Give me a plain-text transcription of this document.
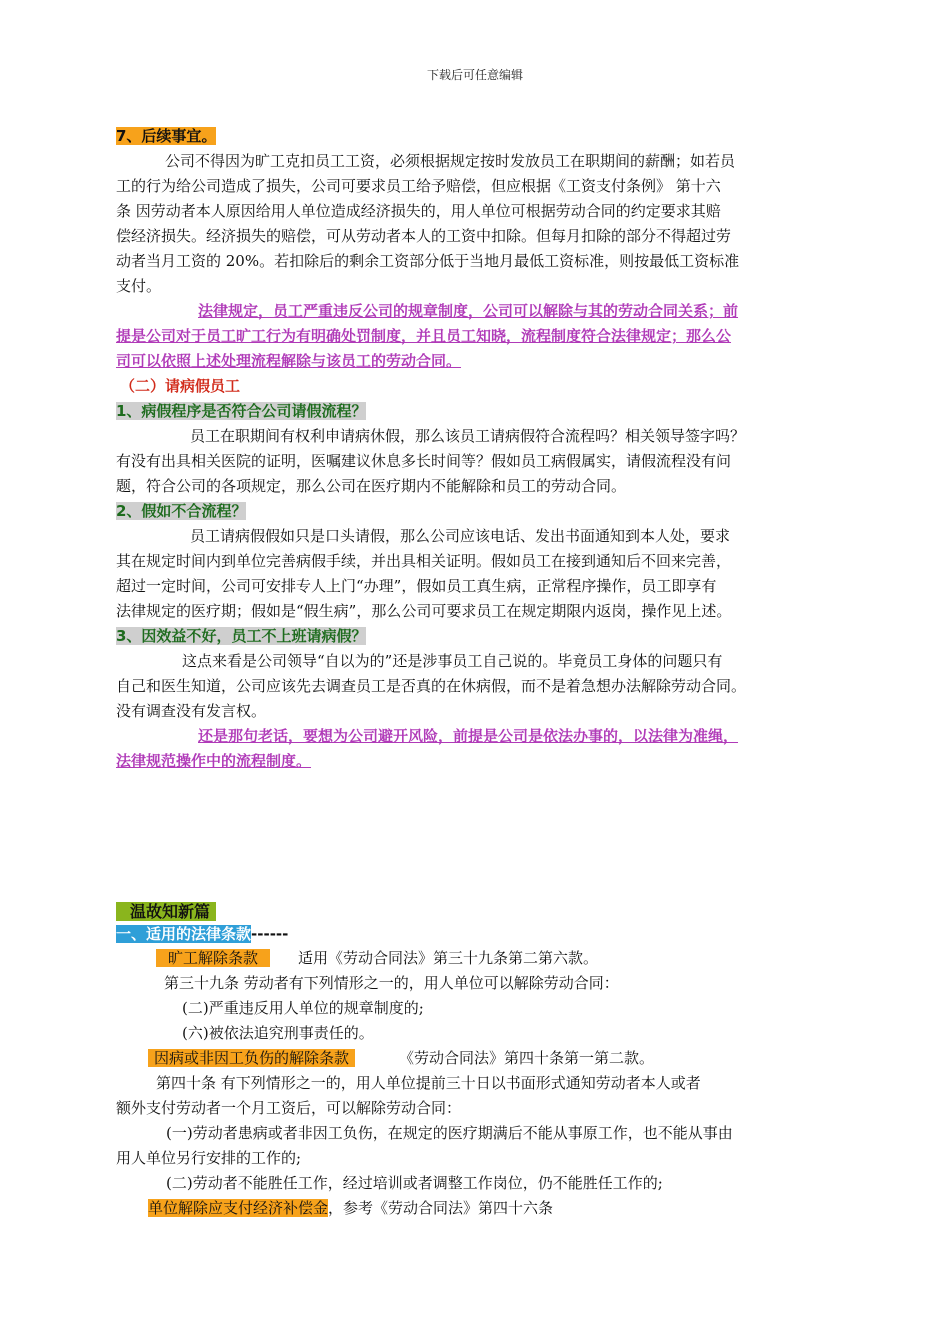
下载后可任意编辑
7、后续事宜。
公司不得因为旷工克扣员工工资，必须根据规定按时发放员工在职期间的薪酬；如若员
工的行为给公司造成了损失，公司可要求员工给予赔偿，但应根据《工资支付条例》 第十六
条 因劳动者本人原因给用人单位造成经济损失的，用人单位可根据劳动合同的约定要求其赔
偿经济损失。经济损失的赔偿，可从劳动者本人的工资中扣除。但每月扣除的部分不得超过劳
动者当月工资的 20%。若扣除后的剩余工资部分低于当地月最低工资标准，则按最低工资标准
支付。
法律规定，员工严重违反公司的规章制度，公司可以解除与其的劳动合同关系；前
提是公司对于员工旷工行为有明确处罚制度，并且员工知晓，流程制度符合法律规定；那么公
司可以依照上述处理流程解除与该员工的劳动合同。
（二）请病假员工
1、病假程序是否符合公司请假流程？
员工在职期间有权利申请病休假，那么该员工请病假符合流程吗？相关领导签字吗？
有没有出具相关医院的证明，医嘱建议休息多长时间等？假如员工病假属实，请假流程没有问
题，符合公司的各项规定，那么公司在医疗期内不能解除和员工的劳动合同。
2、假如不合流程？
员工请病假假如只是口头请假，那么公司应该电话、发出书面通知到本人处，要求
其在规定时间内到单位完善病假手续，并出具相关证明。假如员工在接到通知后不回来完善，
超过一定时间，公司可安排专人上门“办理”，假如员工真生病，正常程序操作，员工即享有
法律规定的医疗期；假如是“假生病”，那么公司可要求员工在规定期限内返岗，操作见上述。
3、因效益不好，员工不上班请病假？
这点来看是公司领导“自以为的”还是涉事员工自己说的。毕竟员工身体的问题只有
自己和医生知道，公司应该先去调查员工是否真的在休病假，而不是着急想办法解除劳动合同。
没有调查没有发言权。
还是那句老话，要想为公司避开风险，前提是公司是依法办事的，以法律为准绳，
法律规范操作中的流程制度。
温故知新篇
一、适用的法律条款------
旷工解除条款	适用《劳动合同法》第三十九条第二第六款。
第三十九条 劳动者有下列情形之一的，用人单位可以解除劳动合同：
(二)严重违反用人单位的规章制度的;
(六)被依法追究刑事责任的。
因病或非因工负伤的解除条款	《劳动合同法》第四十条第一第二款。
第四十条 有下列情形之一的，用人单位提前三十日以书面形式通知劳动者本人或者
额外支付劳动者一个月工资后，可以解除劳动合同：
(一)劳动者患病或者非因工负伤，在规定的医疗期满后不能从事原工作，也不能从事由
用人单位另行安排的工作的;
(二)劳动者不能胜任工作，经过培训或者调整工作岗位，仍不能胜任工作的;
单位解除应支付经济补偿金，参考《劳动合同法》第四十六条
